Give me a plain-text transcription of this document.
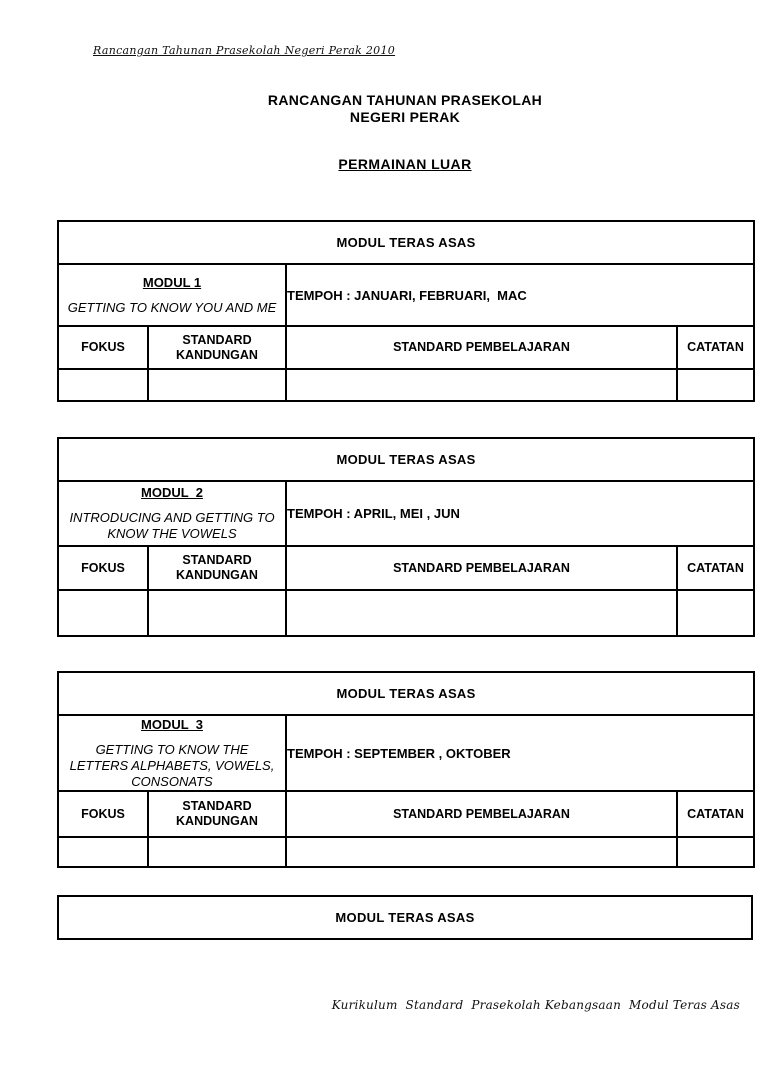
Rancangan Tahunan Prasekolah Negeri Perak 2010
RANCANGAN TAHUNAN PRASEKOLAH
NEGERI PERAK
PERMAINAN LUAR
MODUL TERAS ASAS			

MODUL 1
GETTING TO KNOW YOU AND ME		TEMPOH : JANUARI, FEBRUARI,  MAC	
FOKUS	STANDARD KANDUNGAN	STANDARD PEMBELAJARAN	CATATAN

MODUL TERAS ASAS			

MODUL  2
INTRODUCING AND GETTING TO KNOW THE VOWELS		TEMPOH : APRIL, MEI , JUN	
FOKUS	STANDARD KANDUNGAN	STANDARD PEMBELAJARAN	CATATAN

MODUL TERAS ASAS			

MODUL  3
GETTING TO KNOW THE LETTERS ALPHABETS, VOWELS, CONSONATS		TEMPOH : SEPTEMBER , OKTOBER	
FOKUS	STANDARD KANDUNGAN	STANDARD PEMBELAJARAN	CATATAN

MODUL TERAS ASAS
Kurikulum  Standard  Prasekolah Kebangsaan  Modul Teras Asas
